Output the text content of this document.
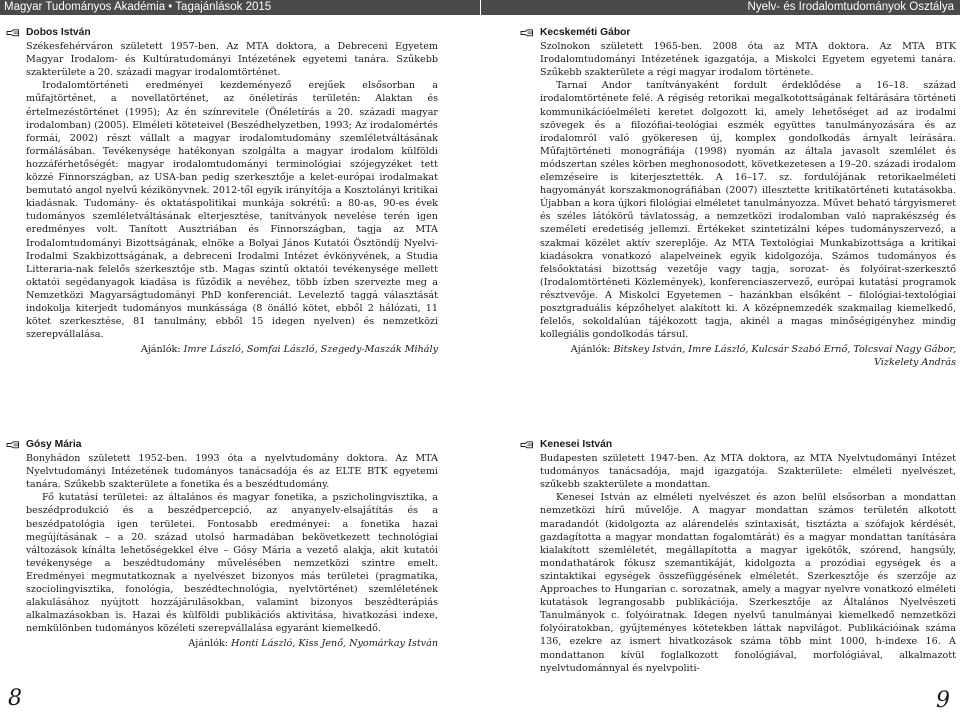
Magyar Tudományos Akadémia • Tagajánlások 2015	Nyelv- és Irodalomtudományok Osztálya
Dobos István

Székesfehérváron született 1957-ben. Az MTA doktora, a Debreceni Egyetem Magyar Irodalom- és Kultúratudományi Intézetének egyetemi tanára. Szűkebb szakterülete a 20. századi magyar irodalomtörténet.

Irodalomtörténeti eredményei kezdeményező erejűek elsősorban a műfajtörténet, a novellatörténet, az önéletírás területén: Alaktan és értelmezéstörténet (1995); Az én színrevitele (Önéletírás a 20. századi magyar irodalomban) (2005). Elméleti köteteivel (Beszédhelyzetben, 1993; Az irodalomértés formái, 2002) részt vállalt a magyar irodalomtudomány szemléletváltásának formálásában. Tevékenysége hatékonyan szolgálta a magyar irodalom külföldi hozzáférhetőségét: magyar irodalomtudományi terminológiai szójegyzéket tett közzé Finnországban, az USA-ban pedig szerkesztője a kelet-európai irodalmakat bemutató angol nyelvű kézikönyvnek. 2012-től egyik irányítója a Kosztolányi kritikai kiadásnak. Tudomány- és oktatáspolitikai munkája sokrétű: a 80-as, 90-es évek tudományos szemléletváltásának elterjesztése, tanítványok nevelése terén igen eredményes volt. Tanított Ausztriában és Finnországban, tagja az MTA Irodalomtudományi Bizottságának, elnöke a Bolyai János Kutatói Ösztöndíj Nyelvi-Irodalmi Szakbizottságának, a debreceni Irodalmi Intézet évkönyvének, a Studia Litteraria-nak felelős szerkesztője stb. Magas szintű oktatói tevékenysége mellett oktatói segédanyagok kiadása is fűződik a nevéhez, több ízben szervezte meg a Nemzetközi Magyarságtudományi PhD konferenciát. Leveleztő taggá választását indokolja kiterjedt tudományos munkássága (8 önálló kötet, ebből 2 hálózati, 11 kötet szerkesztése, 81 tanulmány, ebből 15 idegen nyelven) és nemzetközi szerepvállalása.

Ajánlók: Imre László, Somfai László, Szegedy-Maszák Mihály
Kecskeméti Gábor

Szolnokon született 1965-ben. 2008 óta az MTA doktora. Az MTA BTK Irodalomtudományi Intézetének igazgatója, a Miskolci Egyetem egyetemi tanára. Szűkebb szakterülete a régi magyar irodalom története.

Tarnai Andor tanítványaként fordult érdeklődése a 16–18. század irodalomtörténete felé. A régiség retorikai megalkotottságának feltárására történeti kommunikációelméleti keretet dolgozott ki, amely lehetőséget ad az irodalmi szövegek és a filozófiai-teológiai eszmék együttes tanulmányozására és az irodalomról való gyökeresen új, komplex gondolkodás árnyalt leírására. Műfajtörténeti monográfiája (1998) nyomán az általa javasolt szemlélet és módszertan széles körben meghonosodott, következetesen a 19–20. századi irodalom elemzéseire is kiterjesztették. A 16–17. sz. fordulójának retorikaelméleti hagyományát korszakmonográfiában (2007) illesztette kritikatörténeti kutatásokba. Újabban a kora újkori filológiai elméletet tanulmányozza. Művet beható tárgyismeret és széles látókörű távlatosság, a nemzetközi irodalomban való naprakészség és személeti eredetiség jellemzi. Értékeket szintetizálni képes tudományszervező, a szakmai közélet aktív szereplője. Az MTA Textológiai Munkabizottsága a kritikai kiadásokra vonatkozó alapelveinek egyik kidolgozója. Számos tudományos és felsőoktatási bizottság vezetője vagy tagja, sorozat- és folyóirat-szerkesztő (Irodalomtörténeti Közlemények), konferenciaszervező, európai kutatási programok résztvevője. A Miskolci Egyetemen – hazánkban elsőként – filológiai-textológiai posztgraduális képzőhelyet alakított ki. A középnemzedék szakmailag kiemelkedő, felelős, sokoldalúan tájékozott tagja, akinél a magas minőségigényhez mindig kollegiális gondolkodás társul.

Ajánlók: Bitskey István, Imre László, Kulcsár Szabó Ernő, Tolcsvai Nagy Gábor, Vizkelety András
Gósy Mária

Bonyhádon született 1952-ben. 1993 óta a nyelvtudomány doktora. Az MTA Nyelvtudományi Intézetének tudományos tanácsadója és az ELTE BTK egyetemi tanára. Szűkebb szakterülete a fonetika és a beszédtudomány.

Fő kutatási területei: az általános és magyar fonetika, a pszicholingvisztika, a beszédprodukció és a beszédpercepció, az anyanyelv-elsajátítás és a beszédpatológia igen területei. Fontosabb eredményei: a fonetika hazai megújításának – a 20. század utolsó harmadában bekövetkezett technológiai változások kínálta lehetőségekkel élve – Gósy Mária a vezető alakja, akit kutatói tevékenysége a beszédtudomány művelésében nemzetközi szintre emelt. Eredményei megmutatkoznak a nyelvészet bizonyos más területei (pragmatika, szociolingvisztika, fonológia, beszédtechnológia, nyelvtörténet) szemléletének alakulásához nyújtott hozzájárulásokban, valamint bizonyos beszédterápiás alkalmazásokban is. Hazai és külföldi publikációs aktivitása, hivatkozási indexe, nemkülönben tudományos közéleti szerepvállalása egyaránt kiemelkedő.

Ajánlók: Honti László, Kiss Jenő, Nyomárkay István
Kenesei István

Budapesten született 1947-ben. Az MTA doktora, az MTA Nyelvtudományi Intézet tudományos tanácsadója, majd igazgatója. Szakterülete: elméleti nyelvészet, szűkebb szakterülete a mondattan.

Kenesei István az elméleti nyelvészet és azon belül elsősorban a mondattan nemzetközi hírű művelője. A magyar mondattan számos területén alkotott maradandót (kidolgozta az alárendelés szintaxisát, tisztázta a szófajok kérdését, gazdagította a magyar mondattan fogalomtárát) és a magyar mondattan tanítására kialakított szemléletét, megállapította a magyar igekötők, szórend, hangsúly, mondathatárok fókusz szemantikáját, kidolgozta a prozódiai egységek és a szintaktikai egységek összefüggésének elméletét. Szerkesztője és szerzője az Approaches to Hungarian c. sorozatnak, amely a magyar nyelvre vonatkozó elméleti kutatások legrangosabb publikációja. Szerkesztője az Általános Nyelvészeti Tanulmányok c. folyóiratnak. Idegen nyelvű tanulmányai kiemelkedő nemzetközi folyóiratokban, gyűjteményes kötetekben láttak napvilágot. Publikációinak száma 136, ezekre az ismert hivatkozások száma több mint 1000, h-indexe 16. A mondattanon kívül foglalkozott fonológiával, morfológiával, alkalmazott nyelvtudománnyal és nyelvpoliti-

8	9
